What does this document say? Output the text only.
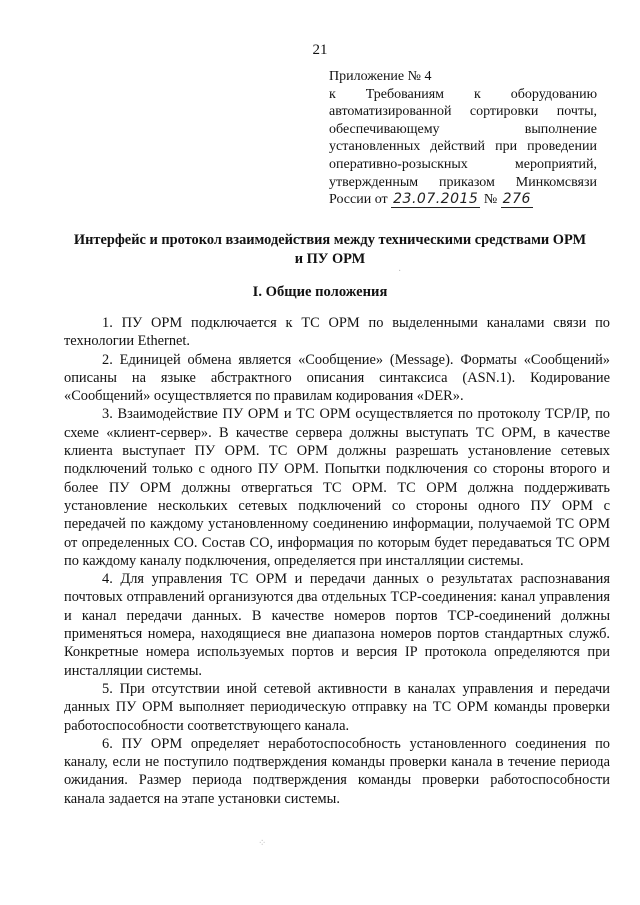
21
Приложение № 4
к Требованиям к оборудованию
автоматизированной сортировки почты,
обеспечивающему	выполнение
установленных действий при проведении
оперативно-розыскных	мероприятий,
утвержденным приказом Минкомсвязи
России от 23.07.2015 № 276
Интерфейс и протокол взаимодействия между техническими средствами ОРМ
и ПУ ОРМ
I. Общие положения

1. ПУ ОРМ подключается к ТС ОРМ по выделенными каналами связи по технологии Еthernet.

2. Единицей обмена является «Сообщение» (Message). Форматы «Сообщений» описаны на языке абстрактного описания синтаксиса (ASN.1). Кодирование «Сообщений» осуществляется по правилам кодирования «DER».

3. Взаимодействие ПУ ОРМ и ТС ОРМ осуществляется по протоколу TCP/IP, по схеме «клиент-сервер». В качестве сервера должны выступать ТС ОРМ, в качестве клиента выступает ПУ ОРМ. ТС ОРМ должны разрешать установление сетевых подключений только с одного ПУ ОРМ. Попытки подключения со стороны второго и более ПУ ОРМ должны отвергаться ТС ОРМ. ТС ОРМ должна поддерживать установление нескольких сетевых подключений со стороны одного ПУ ОРМ с передачей по каждому установленному соединению информации, получаемой ТС ОРМ от определенных СО. Состав СО, информация по которым будет передаваться ТС ОРМ по каждому каналу подключения, определяется при инсталляции системы.

4. Для управления ТС ОРМ и передачи данных о результатах распознавания почтовых отправлений организуются два отдельных TCP-соединения: канал управления и канал передачи данных. В качестве номеров портов TCP-соединений должны применяться номера, находящиеся вне диапазона номеров портов стандартных служб. Конкретные номера используемых портов и версия IP протокола определяются при инсталляции системы.

5. При отсутствии иной сетевой активности в каналах управления и передачи данных ПУ ОРМ выполняет периодическую отправку на ТС ОРМ команды проверки работоспособности соответствующего канала.

6. ПУ ОРМ определяет неработоспособность установленного соединения по каналу, если не поступило подтверждения команды проверки канала в течение периода ожидания. Размер периода подтверждения команды проверки работоспособности канала задается на этапе установки системы.

⁘
·
